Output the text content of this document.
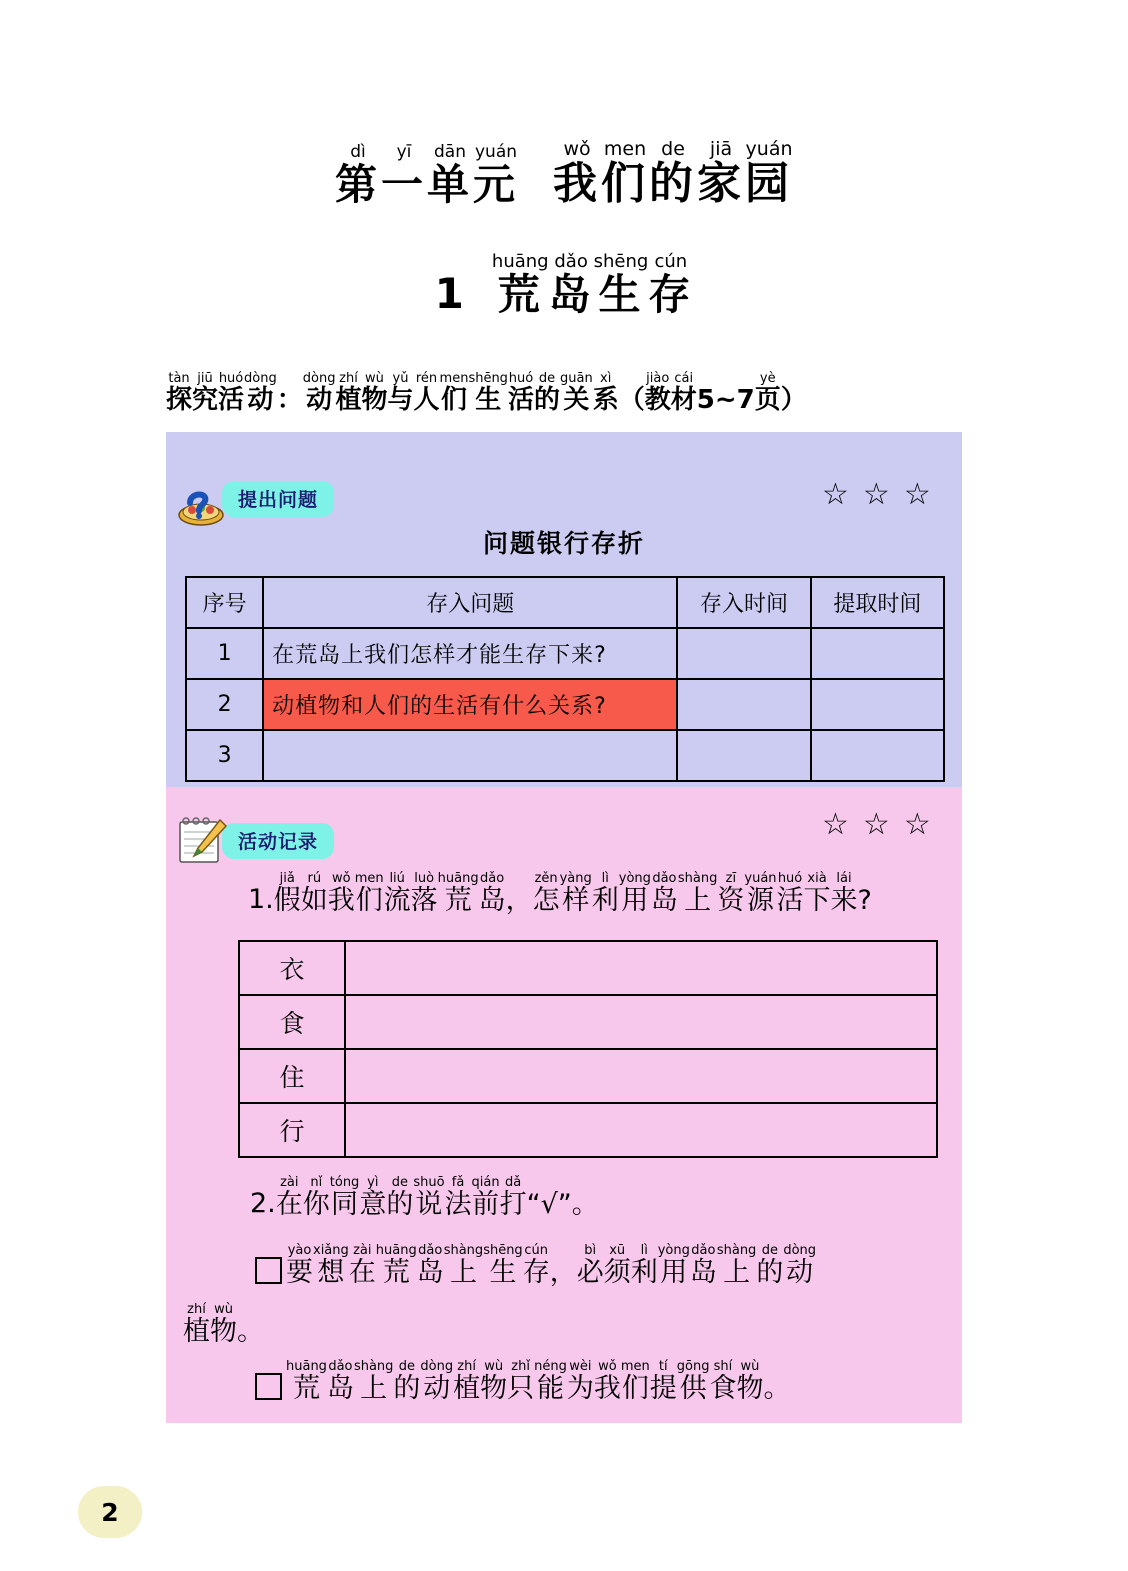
dì
第
yī
一
dān
单
yuán
元
wǒ
我
men
们
de
的
jiā
家
yuán
园
1
huāng
荒
dǎo
岛
shēng
生
cún
存
tàn
探
jiū
究
huó
活
dòng
动
：
dòng
动
zhí
植
wù
物
yǔ
与
rén
人
men
们
shēng
生
huó
活
de
的
guān
关
xì
系
（
jiào
教
cái
材
5~7
yè
页
）
提出问题	☆ ☆ ☆
问题银行存折
序号	存入问题	存入时间	提取时间
1	在荒岛上我们怎样才能生存下来?		
2	动植物和人们的生活有什么关系?		
3			
活动记录	☆ ☆ ☆
1.
jiǎ
假
rú
如
wǒ
我
men
们
liú
流
luò
落
huāng
荒
dǎo
岛
，
zěn
怎
yàng
样
lì
利
yòng
用
dǎo
岛
shàng
上
zī
资
yuán
源
huó
活
xià
下
lái
来
?
衣	
食	
住	
行	
2.
zài
在
nǐ
你
tóng
同
yì
意
de
的
shuō
说
fǎ
法
qián
前
dǎ
打
“√”。
yào
要
xiǎng
想
zài
在
huāng
荒
dǎo
岛
shàng
上
shēng
生
cún
存
，
bì
必
xū
须
lì
利
yòng
用
dǎo
岛
shàng
上
de
的
dòng
动
zhí
植
wù
物
。
huāng
荒
dǎo
岛
shàng
上
de
的
dòng
动
zhí
植
wù
物
zhǐ
只
néng
能
wèi
为
wǒ
我
men
们
tí
提
gōng
供
shí
食
wù
物
。
2
